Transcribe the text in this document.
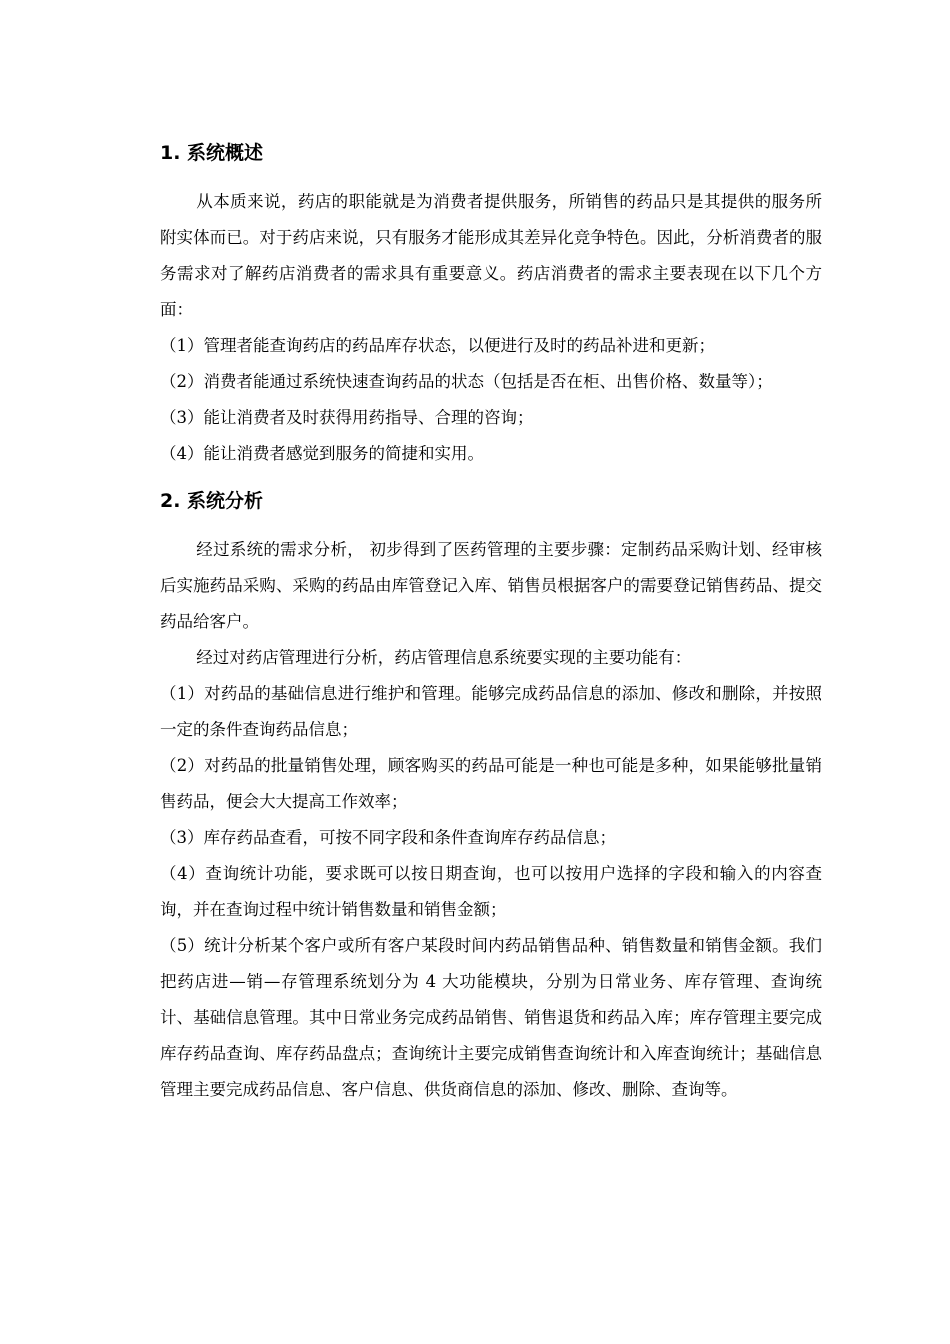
1. 系统概述

从本质来说，药店的职能就是为消费者提供服务，所销售的药品只是其提供的服务所附实体而已。对于药店来说，只有服务才能形成其差异化竞争特色。因此，分析消费者的服务需求对了解药店消费者的需求具有重要意义。药店消费者的需求主要表现在以下几个方面：

（1）管理者能查询药店的药品库存状态，以便进行及时的药品补进和更新；

（2）消费者能通过系统快速查询药品的状态（包括是否在柜、出售价格、数量等）；

（3）能让消费者及时获得用药指导、合理的咨询；

（4）能让消费者感觉到服务的简捷和实用。

2. 系统分析

经过系统的需求分析， 初步得到了医药管理的主要步骤：定制药品采购计划、经审核后实施药品采购、采购的药品由库管登记入库、销售员根据客户的需要登记销售药品、提交药品给客户。

经过对药店管理进行分析，药店管理信息系统要实现的主要功能有：

（1）对药品的基础信息进行维护和管理。能够完成药品信息的添加、修改和删除，并按照一定的条件查询药品信息；

（2）对药品的批量销售处理，顾客购买的药品可能是一种也可能是多种，如果能够批量销售药品，便会大大提高工作效率；

（3）库存药品查看，可按不同字段和条件查询库存药品信息；

（4）查询统计功能，要求既可以按日期查询，也可以按用户选择的字段和输入的内容查询，并在查询过程中统计销售数量和销售金额；

（5）统计分析某个客户或所有客户某段时间内药品销售品种、销售数量和销售金额。我们把药店进—销—存管理系统划分为 4 大功能模块，分别为日常业务、库存管理、查询统计、基础信息管理。其中日常业务完成药品销售、销售退货和药品入库；库存管理主要完成库存药品查询、库存药品盘点；查询统计主要完成销售查询统计和入库查询统计；基础信息管理主要完成药品信息、客户信息、供货商信息的添加、修改、删除、查询等。
